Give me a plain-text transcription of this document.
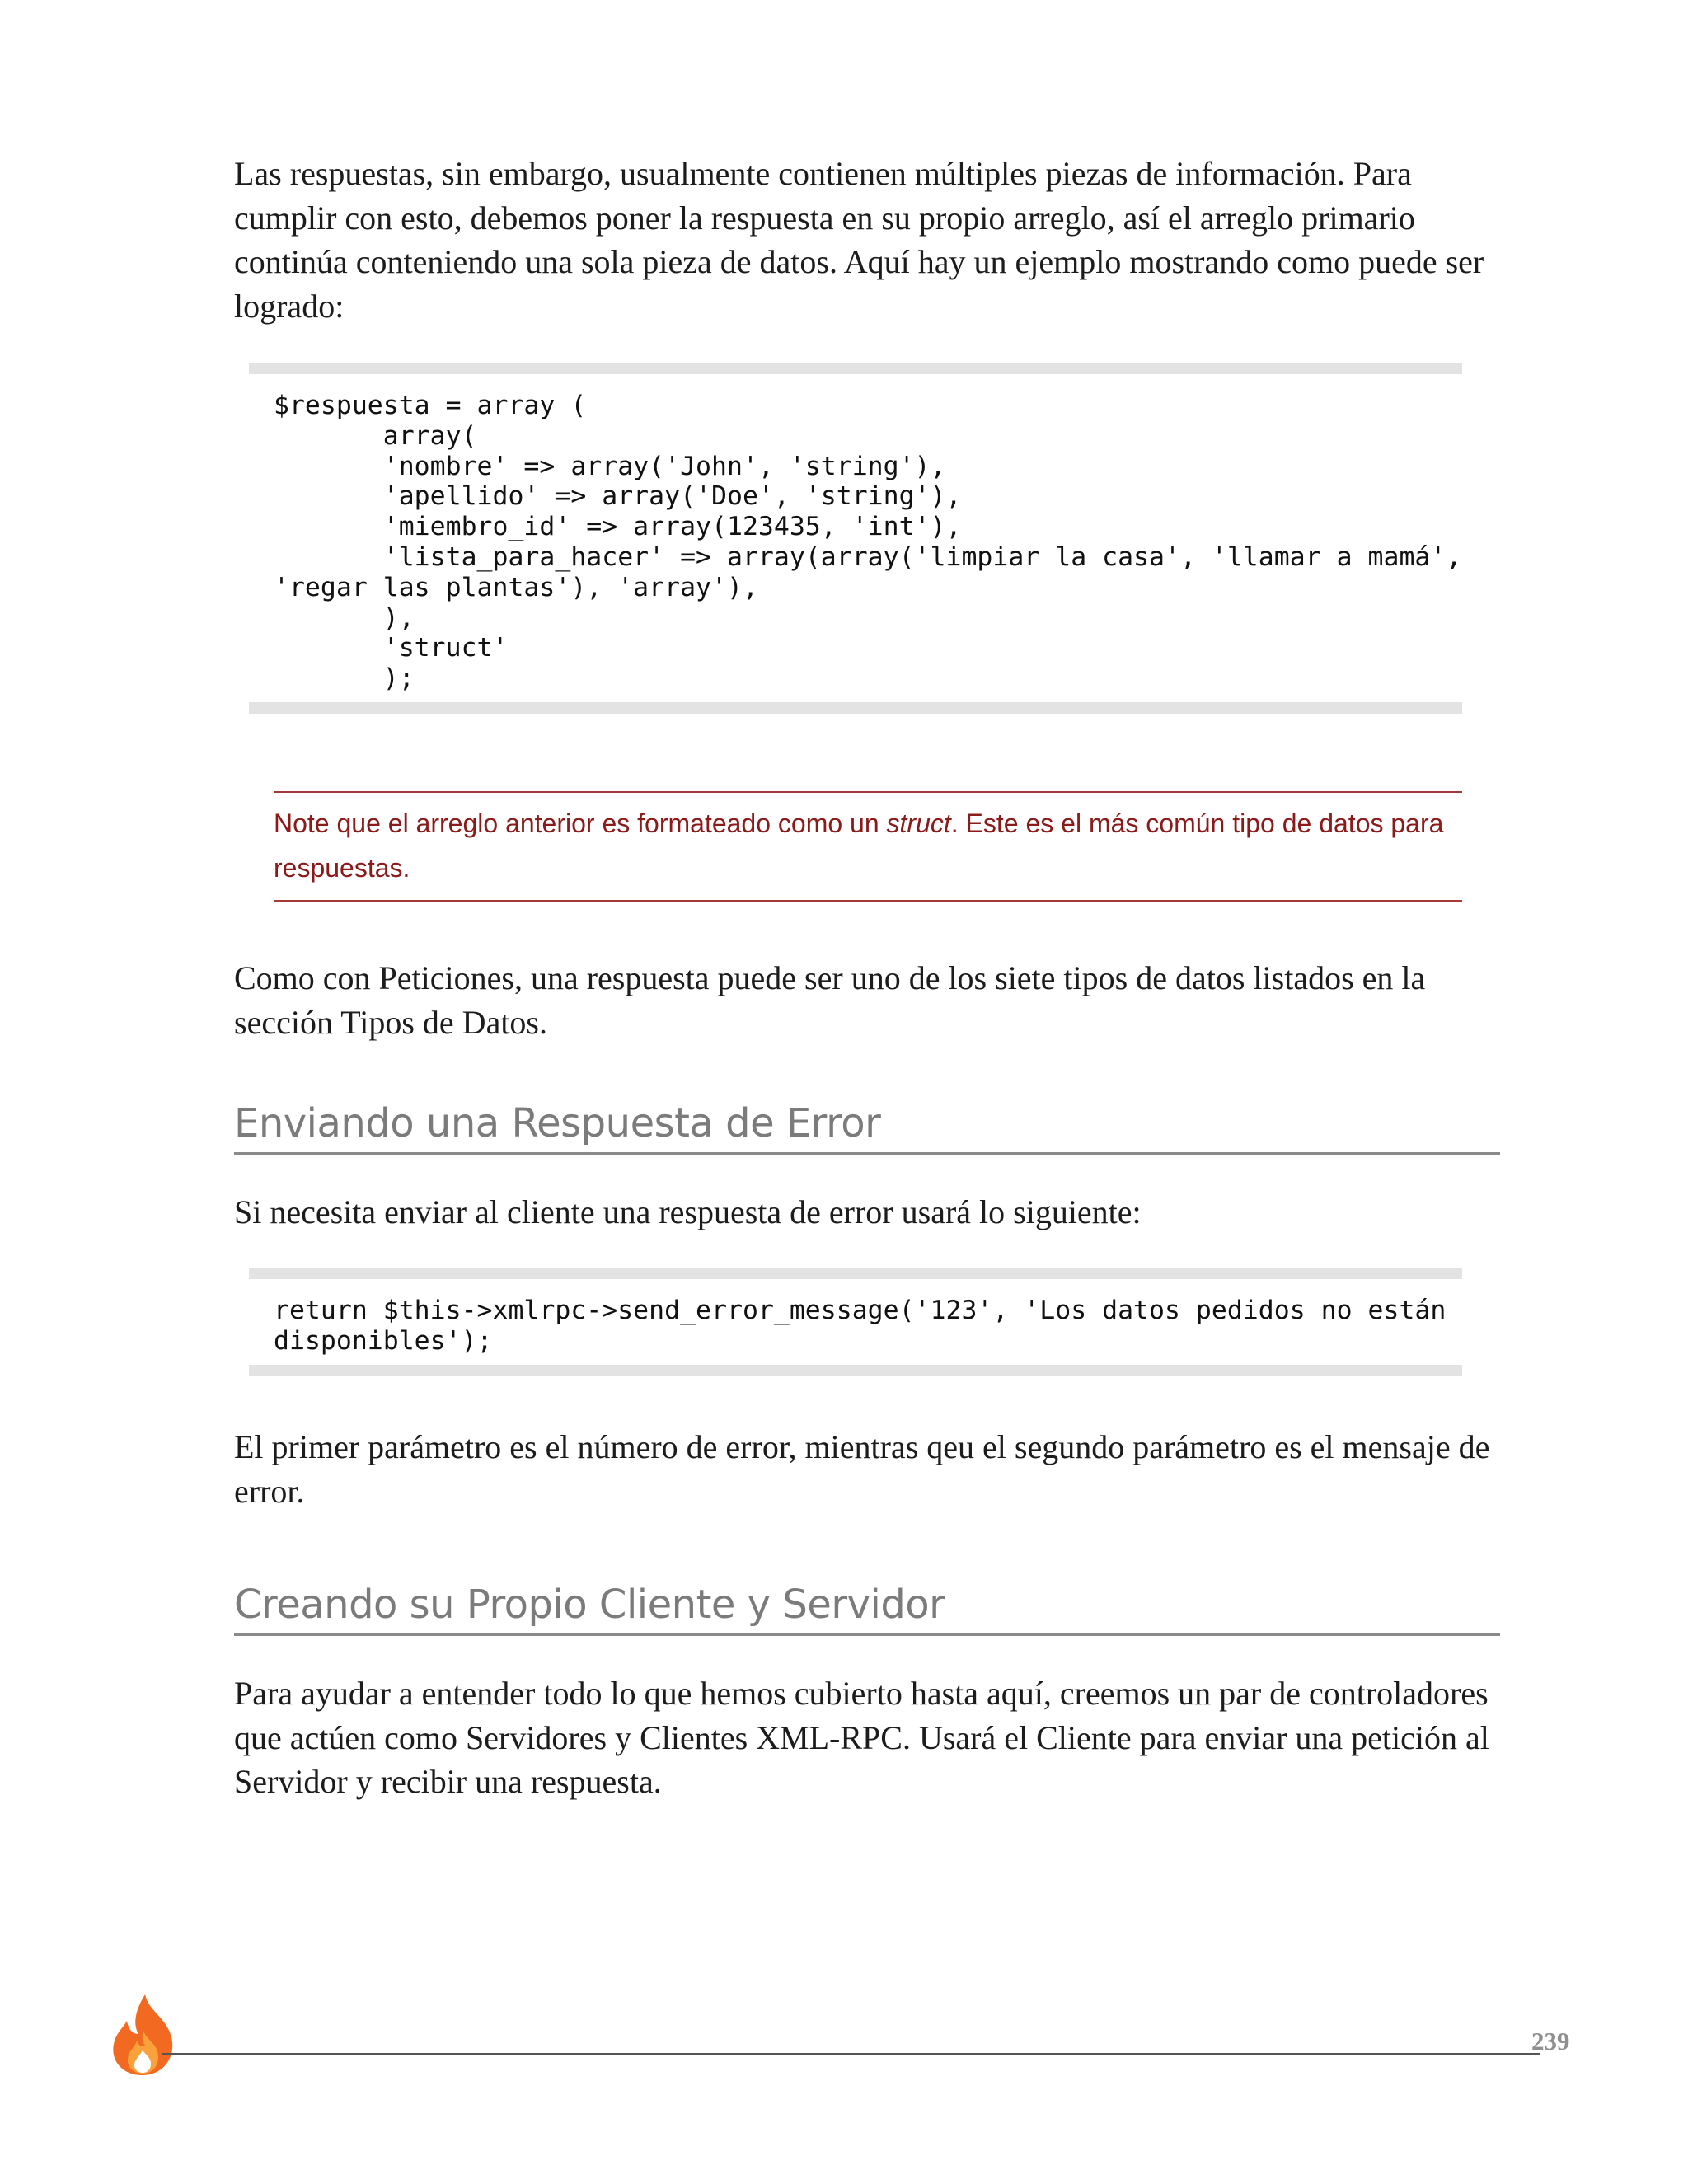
Las respuestas, sin embargo, usualmente contienen múltiples piezas de información. Para cumplir con esto, debemos poner la respuesta en su propio arreglo, así el arreglo primario continúa conteniendo una sola pieza de datos. Aquí hay un ejemplo mostrando como puede ser logrado:

$respuesta = array (
array(
'nombre' => array('John', 'string'),
'apellido' => array('Doe', 'string'),
'miembro_id' => array(123435, 'int'),
'lista_para_hacer' => array(array('limpiar la casa', 'llamar a mamá',
'regar las plantas'), 'array'),
),
'struct'
);

Note que el arreglo anterior es formateado como un struct. Este es el más común tipo de datos para respuestas.

Como con Peticiones, una respuesta puede ser uno de los siete tipos de datos listados en la sección Tipos de Datos.

Enviando una Respuesta de Error

Si necesita enviar al cliente una respuesta de error usará lo siguiente:

return $this->xmlrpc->send_error_message('123', 'Los datos pedidos no están
disponibles');

El primer parámetro es el número de error, mientras qeu el segundo parámetro es el mensaje de error.

Creando su Propio Cliente y Servidor

Para ayudar a entender todo lo que hemos cubierto hasta aquí, creemos un par de controladores que actúen como Servidores y Clientes XML-RPC. Usará el Cliente para enviar una petición al Servidor y recibir una respuesta.

239
